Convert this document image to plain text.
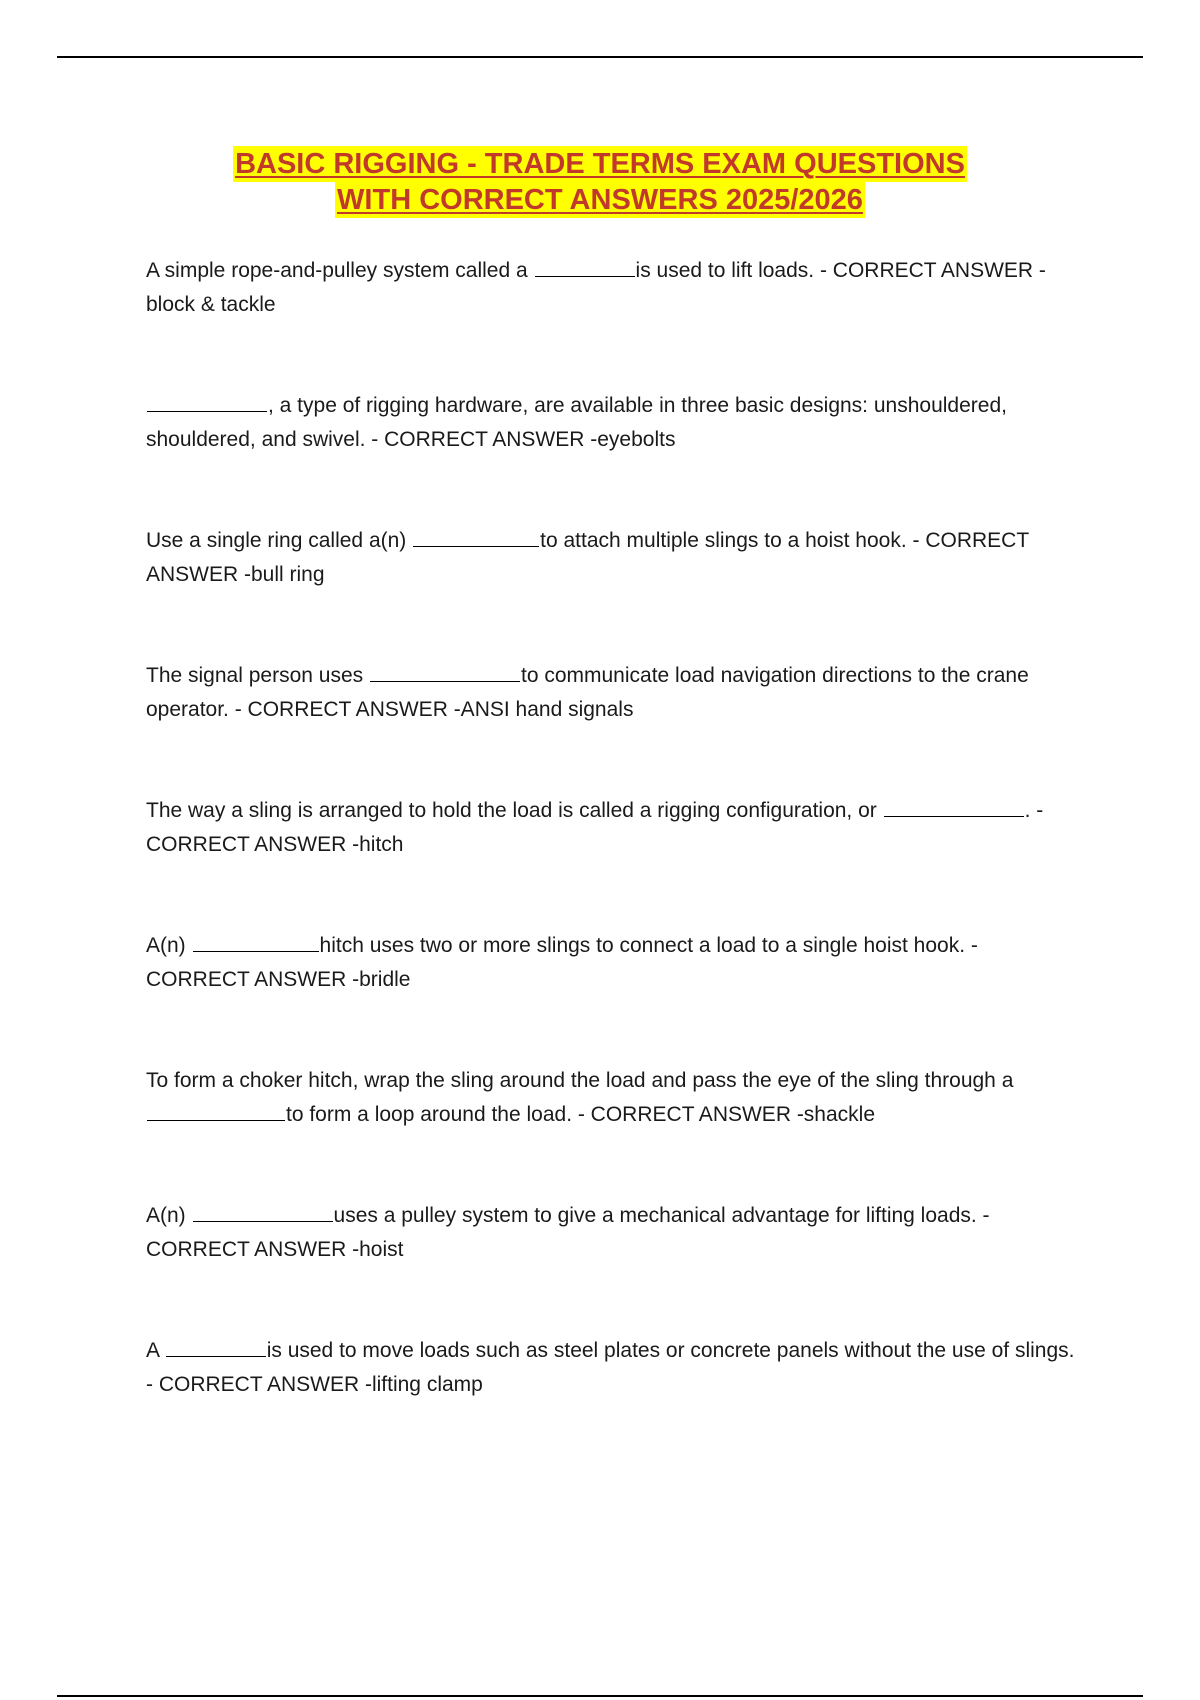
BASIC RIGGING - TRADE TERMS EXAM QUESTIONS
WITH CORRECT ANSWERS 2025/2026
A simple rope-and-pulley system called a	is used to lift loads. - CORRECT ANSWER - block & tackle
, a type of rigging hardware, are available in three basic designs: unshouldered, shouldered, and swivel. - CORRECT ANSWER -eyebolts
Use a single ring called a(n)	to attach multiple slings to a hoist hook. - CORRECT ANSWER -bull ring
The signal person uses	to communicate load navigation directions to the crane operator. - CORRECT ANSWER -ANSI hand signals
The way a sling is arranged to hold the load is called a rigging configuration, or	. - CORRECT ANSWER -hitch
A(n)	hitch uses two or more slings to connect a load to a single hoist hook. - CORRECT ANSWER -bridle
To form a choker hitch, wrap the sling around the load and pass the eye of the sling through a to form a loop around the load. - CORRECT ANSWER -shackle
A(n)	uses a pulley system to give a mechanical advantage for lifting loads. - CORRECT ANSWER -hoist
A	is used to move loads such as steel plates or concrete panels without the use of slings. - CORRECT ANSWER -lifting clamp
